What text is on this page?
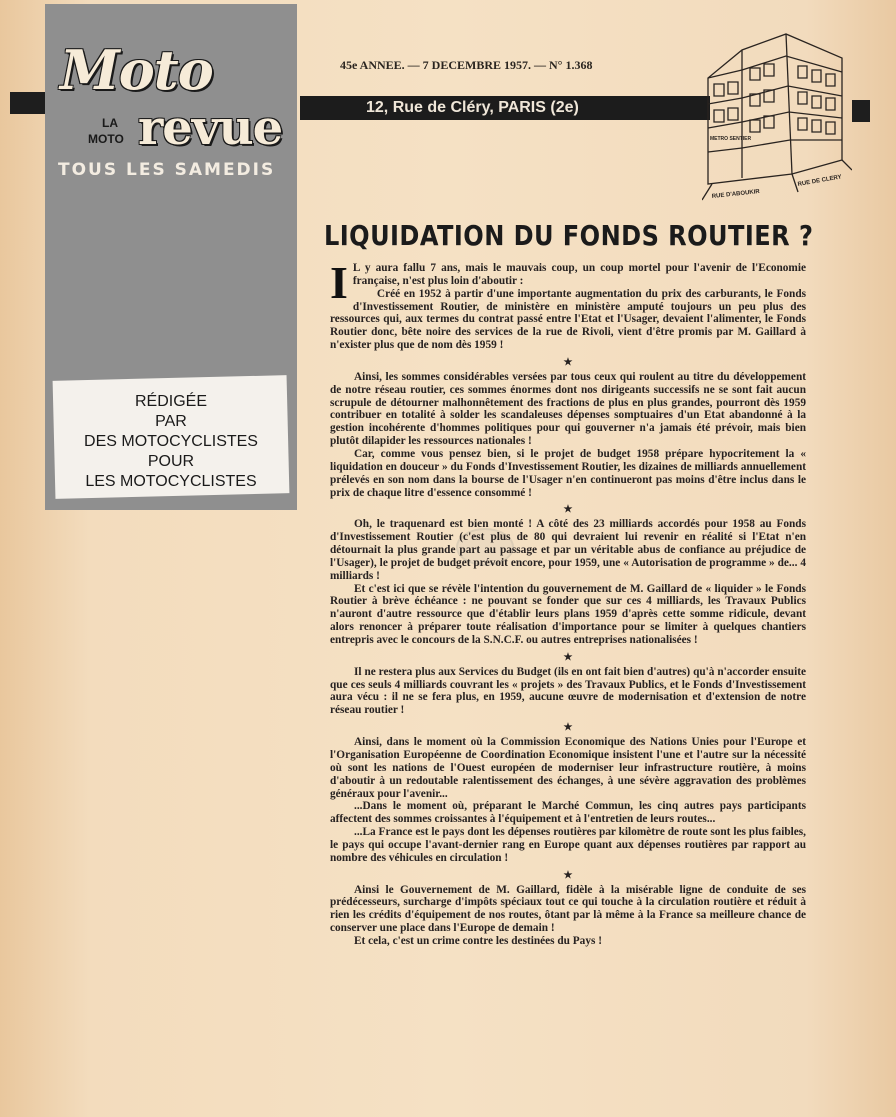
Moto
LA
MOTO revue
TOUS LES SAMEDIS
RÉDIGÉE
PAR
DES MOTOCYCLISTES
POUR
LES MOTOCYCLISTES
45e ANNEE. — 7 DECEMBRE 1957. — N° 1.368
12, Rue de Cléry, PARIS (2e)
METRO SENTIER
RUE D'ABOUKIR
RUE DE CLERY
LIQUIDATION DU FONDS ROUTIER ?

I L y aura fallu 7 ans, mais le mauvais coup, un coup mortel pour l'avenir de l'Economie française, n'est plus loin d'aboutir :

Créé en 1952 à partir d'une importante augmentation du prix des carburants, le Fonds d'Investissement Routier, de ministère en ministère amputé toujours un peu plus des ressources qui, aux termes du contrat passé entre l'Etat et l'Usager, devaient l'alimenter, le Fonds Routier donc, bête noire des services de la rue de Rivoli, vient d'être promis par M. Gaillard à n'exister plus que de nom dès 1959 !

★

Ainsi, les sommes considérables versées par tous ceux qui roulent au titre du développement de notre réseau routier, ces sommes énormes dont nos dirigeants successifs ne se sont fait aucun scrupule de détourner malhonnêtement des fractions de plus en plus grandes, pourront dès 1959 contribuer en totalité à solder les scandaleuses dépenses somptuaires d'un Etat abandonné à la gestion incohérente d'hommes politiques pour qui gouverner n'a jamais été prévoir, mais bien plutôt dilapider les ressources nationales !

Car, comme vous pensez bien, si le projet de budget 1958 prépare hypocritement la « liquidation en douceur » du Fonds d'Investissement Routier, les dizaines de milliards annuellement prélevés en son nom dans la bourse de l'Usager n'en continueront pas moins d'être inclus dans le prix de chaque litre d'essence consommé !

★

Oh, le traquenard est bien monté ! A côté des 23 milliards accordés pour 1958 au Fonds d'Investissement Routier (c'est plus de 80 qui devraient lui revenir en réalité si l'Etat n'en détournait la plus grande part au passage et par un véritable abus de confiance au préjudice de l'Usager), le projet de budget prévoit encore, pour 1959, une « Autorisation de programme » de... 4 milliards !

Et c'est ici que se révèle l'intention du gouvernement de M. Gaillard de « liquider » le Fonds Routier à brève échéance : ne pouvant se fonder que sur ces 4 milliards, les Travaux Publics n'auront d'autre ressource que d'établir leurs plans 1959 d'après cette somme ridicule, devant alors renoncer à préparer toute réalisation d'importance pour se limiter à quelques chantiers entrepris avec le concours de la S.N.C.F. ou autres entreprises nationalisées !

★

Il ne restera plus aux Services du Budget (ils en ont fait bien d'autres) qu'à n'accorder ensuite que ces seuls 4 milliards couvrant les « projets » des Travaux Publics, et le Fonds d'Investissement aura vécu : il ne se fera plus, en 1959, aucune œuvre de modernisation et d'extension de notre réseau routier !

★

Ainsi, dans le moment où la Commission Economique des Nations Unies pour l'Europe et l'Organisation Européenne de Coordination Economique insistent l'une et l'autre sur la nécessité où sont les nations de l'Ouest européen de moderniser leur infrastructure routière, à moins d'aboutir à un redoutable ralentissement des échanges, à une sévère aggravation des problèmes généraux pour l'avenir...

...Dans le moment où, préparant le Marché Commun, les cinq autres pays participants affectent des sommes croissantes à l'équipement et à l'entretien de leurs routes...

...La France est le pays dont les dépenses routières par kilomètre de route sont les plus faibles, le pays qui occupe l'avant-dernier rang en Europe quant aux dépenses routières par rapport au nombre des véhicules en circulation !

★

Ainsi le Gouvernement de M. Gaillard, fidèle à la misérable ligne de conduite de ses prédécesseurs, surcharge d'impôts spéciaux tout ce qui touche à la circulation routière et réduit à rien les crédits d'équipement de nos routes, ôtant par là même à la France sa meilleure chance de conserver une place dans l'Europe de demain !

Et cela, c'est un crime contre les destinées du Pays !
